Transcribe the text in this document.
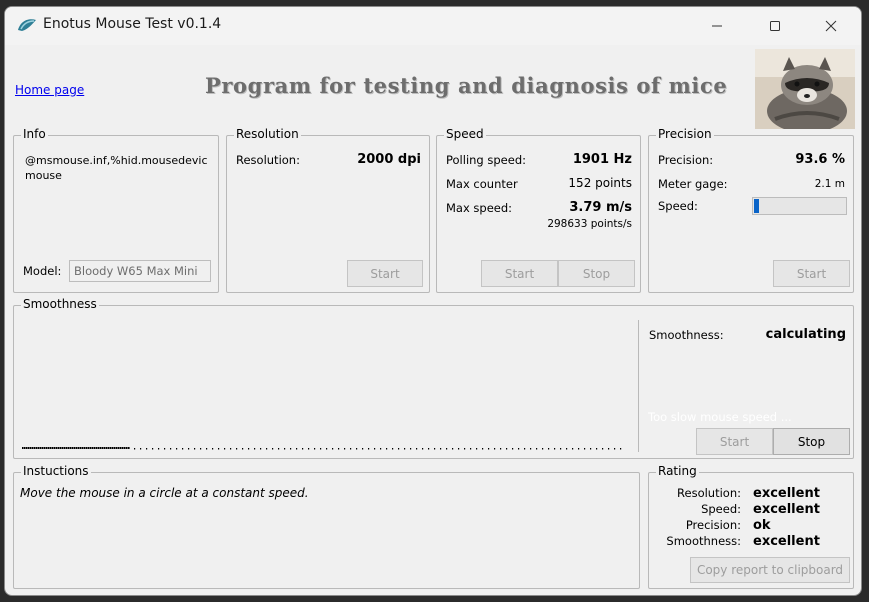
Enotus Mouse Test v0.1.4
Home page	Program for testing and diagnosis of mice
Info
@msmouse.inf,%hid.mousedevic
mouse
Model:	Bloody W65 Max Mini
Resolution
Resolution:	2000 dpi
Start
Speed
Polling speed:	1901 Hz
Max counter	152 points
Max speed:	3.79 m/s
298633 points/s
Start	Stop
Precision
Precision:	93.6 %
Meter gage:	2.1 m
Speed:
Start
Smoothness
Smoothness:	calculating
Too slow mouse speed ...
Start	Stop
Instuctions
Move the mouse in a circle at a constant speed.
Rating
Resolution: excellent
Speed: excellent
Precision: ok
Smoothness: excellent
Copy report to clipboard
